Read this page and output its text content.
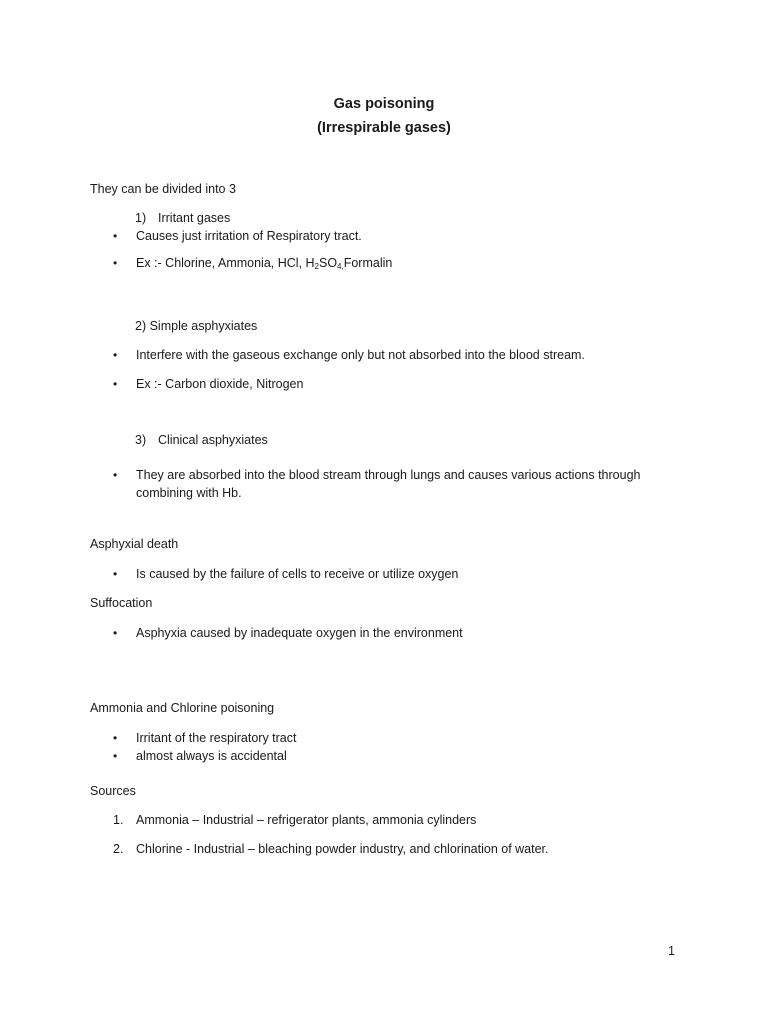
Gas poisoning
(Irrespirable gases)
They can be divided into 3
1) Irritant gases
• Causes just irritation of Respiratory tract.
• Ex :- Chlorine, Ammonia, HCl, $H_2SO_{4,}Formalin$
2) Simple asphyxiates
• Interfere with the gaseous exchange only but not absorbed into the blood stream.
• Ex :- Carbon dioxide, Nitrogen
3) Clinical asphyxiates
• They are absorbed into the blood stream through lungs and causes various actions through
combining with Hb.
Asphyxial death
• Is caused by the failure of cells to receive or utilize oxygen
Suffocation
• Asphyxia caused by inadequate oxygen in the environment
Ammonia and Chlorine poisoning
• Irritant of the respiratory tract
• almost always is accidental
Sources
1. Ammonia – Industrial – refrigerator plants, ammonia cylinders
2. Chlorine - Industrial – bleaching powder industry, and chlorination of water.
1
